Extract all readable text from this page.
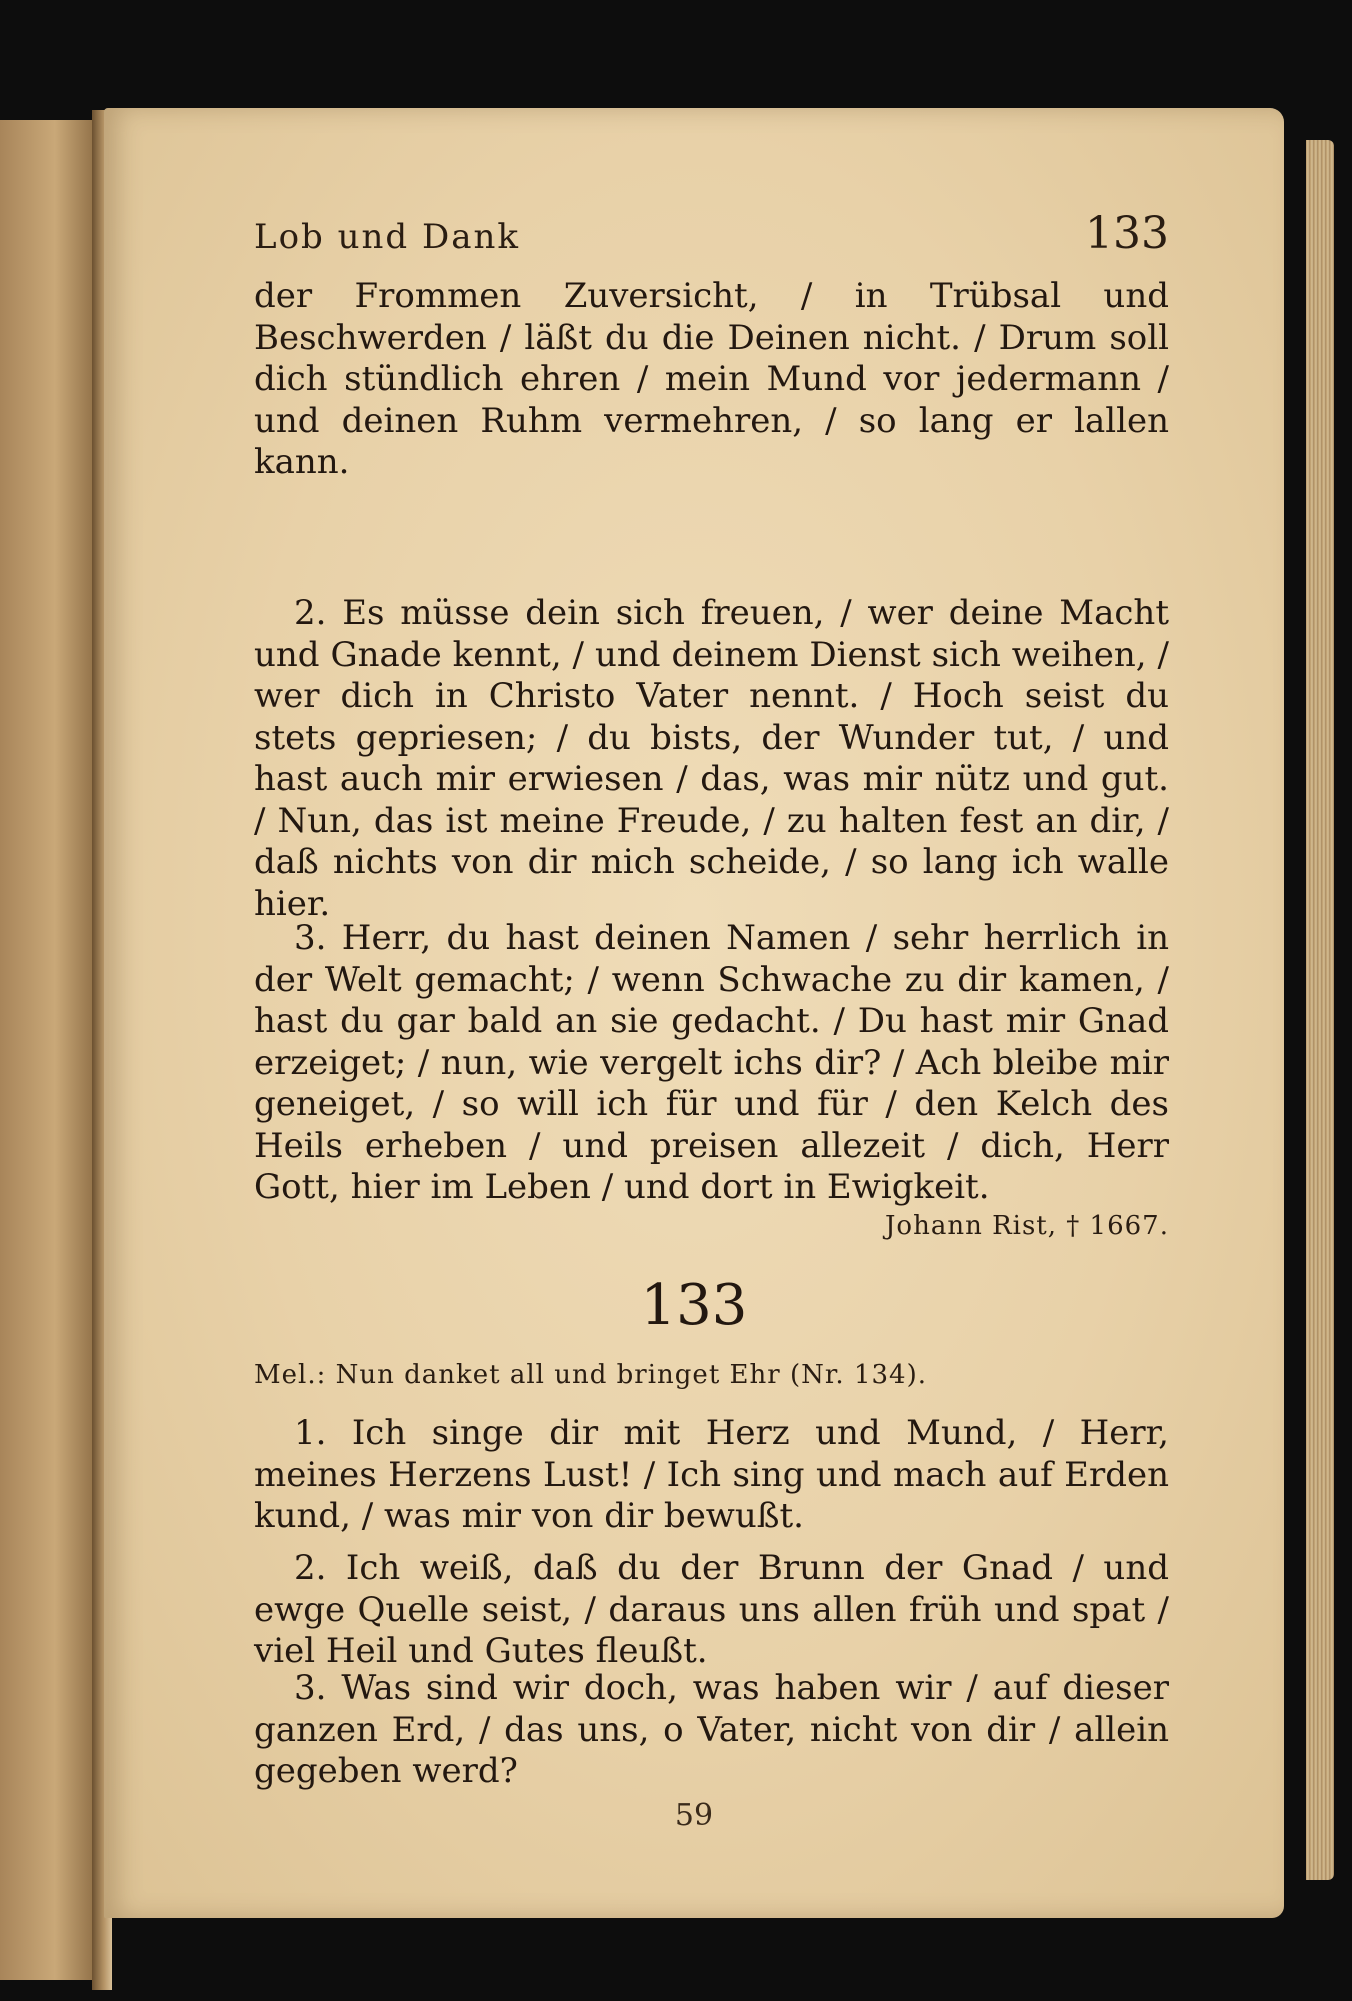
Lob und Dank	133

der Frommen Zuversicht, / in Trübsal und Beschwerden / läßt du die Deinen nicht. / Drum soll dich stündlich ehren / mein Mund vor jedermann / und deinen Ruhm vermehren, / so lang er lallen kann.

2. Es müsse dein sich freuen, / wer deine Macht und Gnade kennt, / und deinem Dienst sich weihen, / wer dich in Christo Vater nennt. / Hoch seist du stets gepriesen; / du bists, der Wunder tut, / und hast auch mir erwiesen / das, was mir nütz und gut. / Nun, das ist meine Freude, / zu halten fest an dir, / daß nichts von dir mich scheide, / so lang ich walle hier.

3. Herr, du hast deinen Namen / sehr herrlich in der Welt gemacht; / wenn Schwache zu dir kamen, / hast du gar bald an sie gedacht. / Du hast mir Gnad erzeiget; / nun, wie vergelt ichs dir? / Ach bleibe mir geneiget, / so will ich für und für / den Kelch des Heils erheben / und preisen allezeit / dich, Herr Gott, hier im Leben / und dort in Ewigkeit.

Johann Rist, † 1667.
133
Mel.: Nun danket all und bringet Ehr (Nr. 134).

1. Ich singe dir mit Herz und Mund, / Herr, meines Herzens Lust! / Ich sing und mach auf Erden kund, / was mir von dir bewußt.

2. Ich weiß, daß du der Brunn der Gnad / und ewge Quelle seist, / daraus uns allen früh und spat / viel Heil und Gutes fleußt.

3. Was sind wir doch, was haben wir / auf dieser ganzen Erd, / das uns, o Vater, nicht von dir / allein gegeben werd?

59
